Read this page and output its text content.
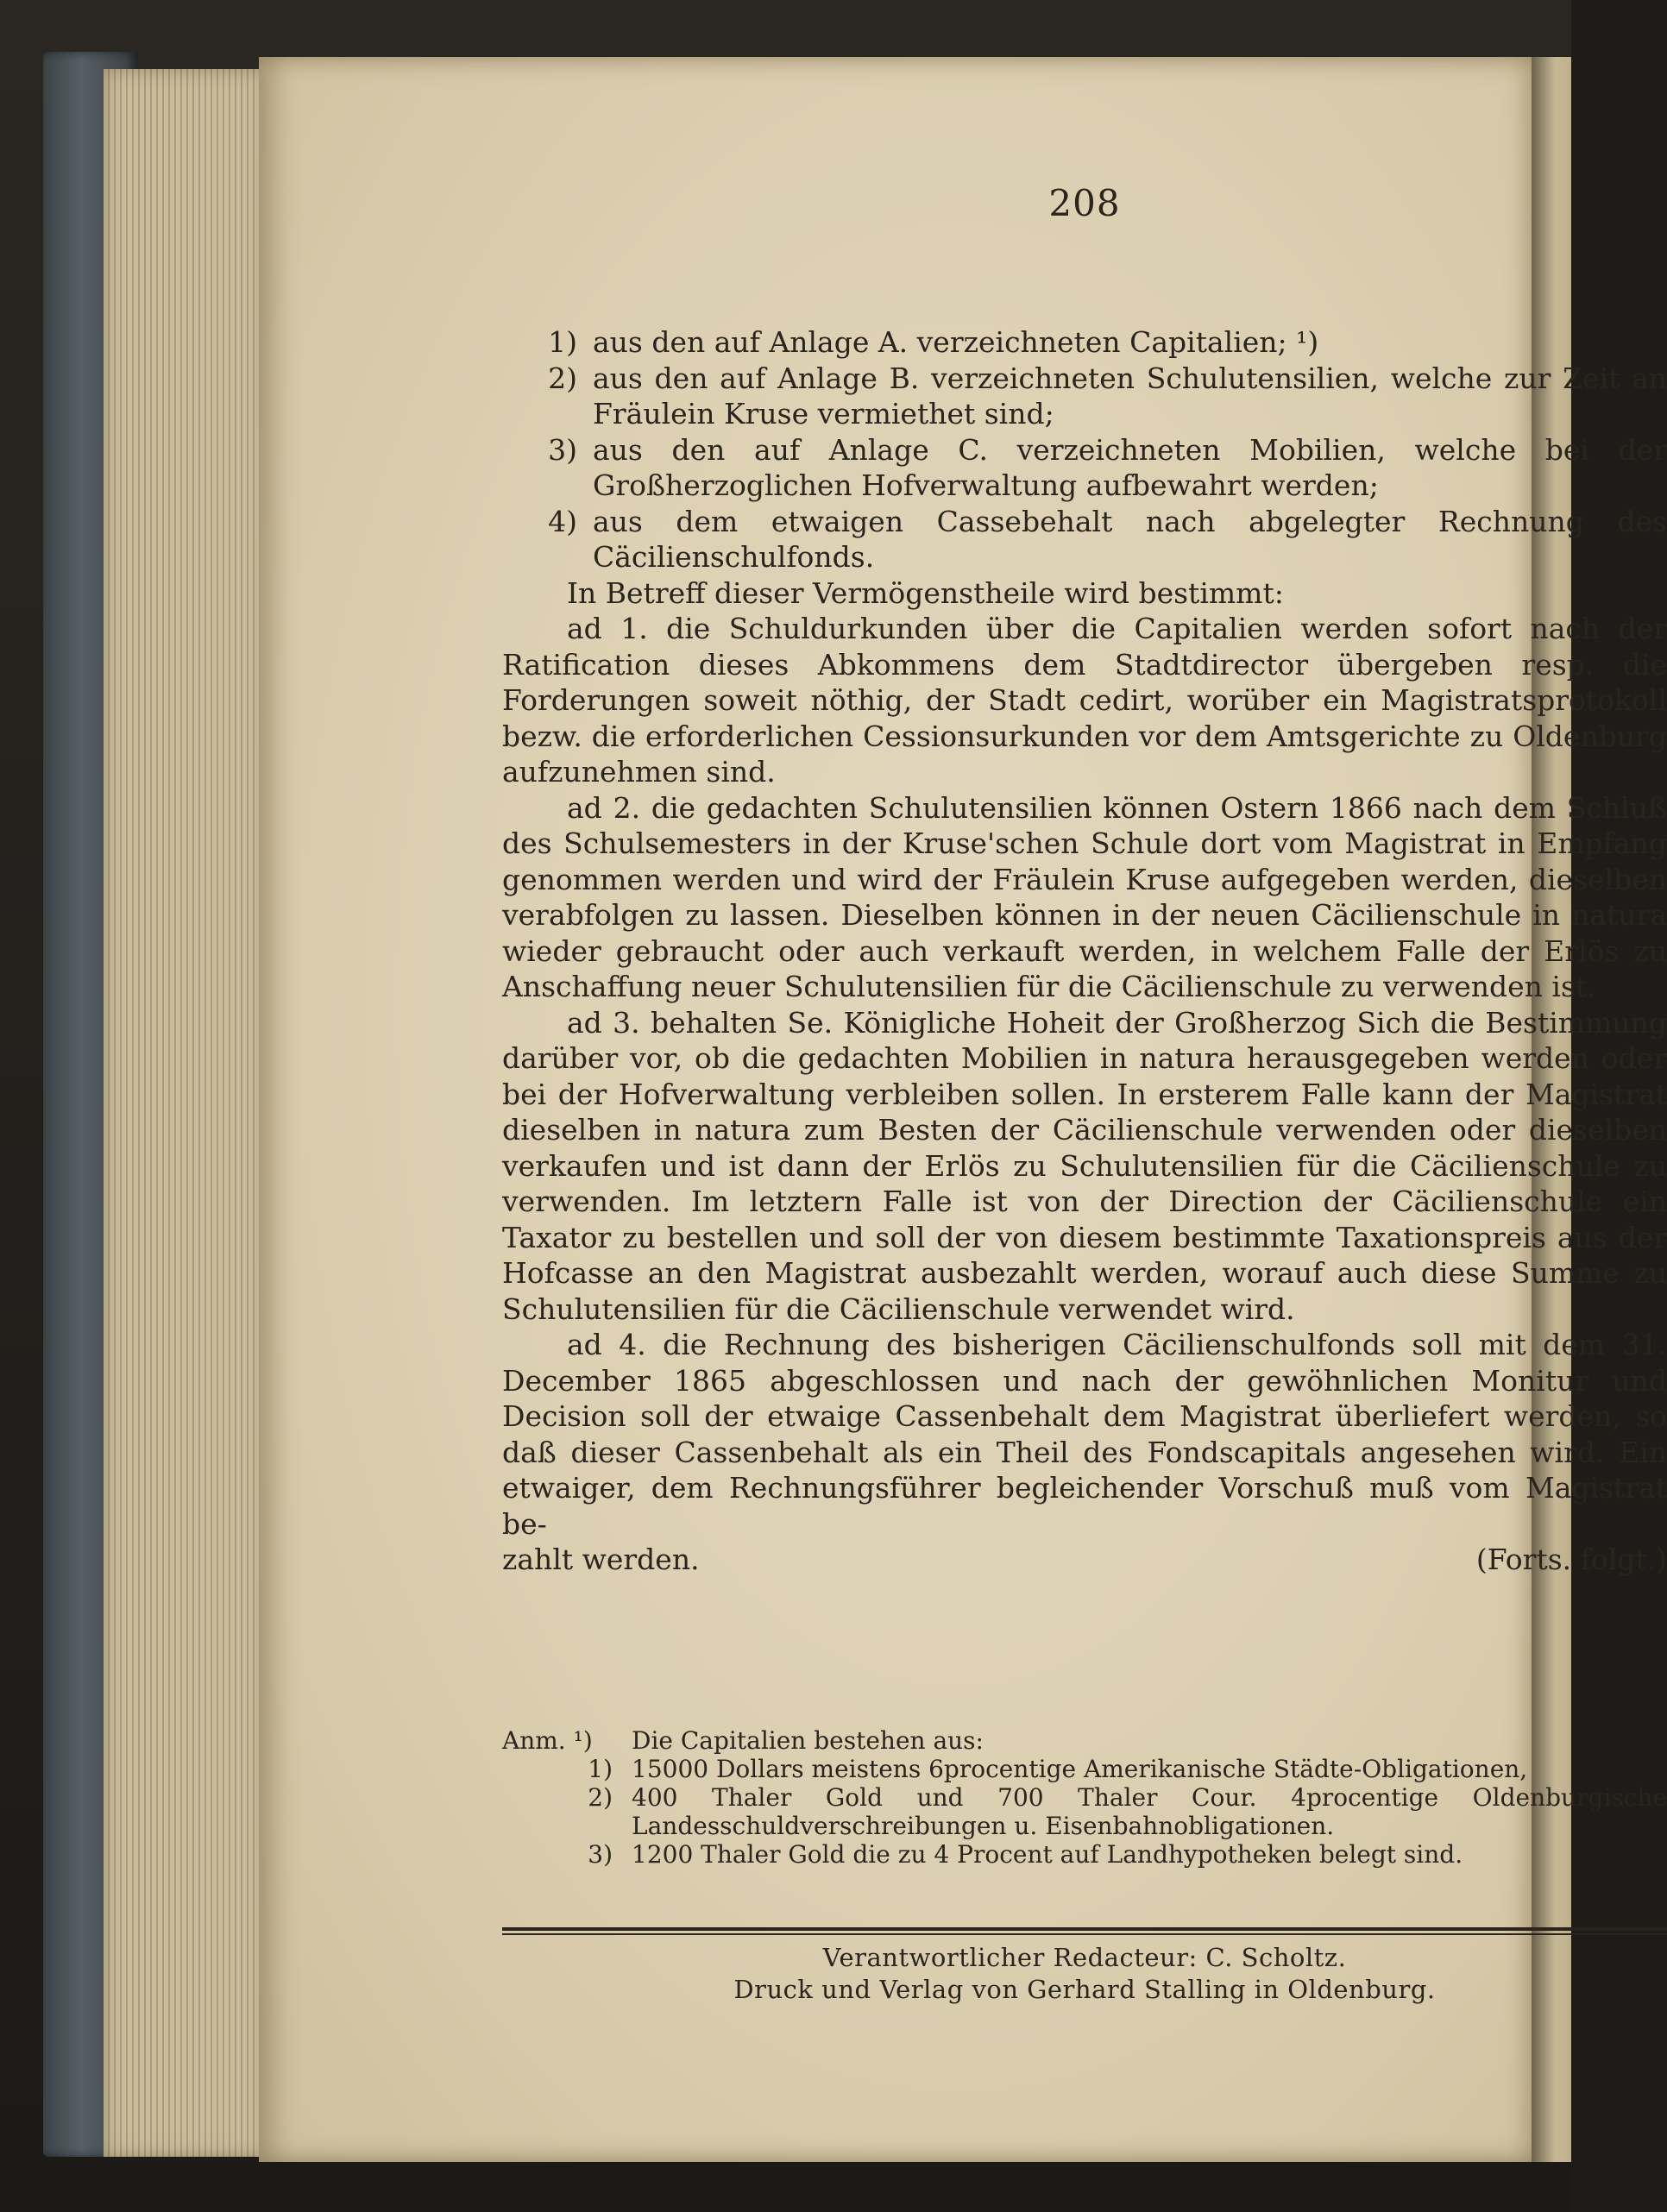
208
1) aus den auf Anlage A. verzeichneten Capitalien; ¹)
2) aus den auf Anlage B. verzeichneten Schulutensilien, welche zur Zeit an Fräulein Kruse vermiethet sind;
3) aus den auf Anlage C. verzeichneten Mobilien, welche bei der Großherzoglichen Hofverwaltung aufbewahrt werden;
4) aus dem etwaigen Cassebehalt nach abgelegter Rechnung des Cäcilienschulfonds.

In Betreff dieser Vermögenstheile wird bestimmt:

ad 1. die Schuldurkunden über die Capitalien werden sofort nach der Ratification dieses Abkommens dem Stadtdirector übergeben resp. die Forderungen soweit nöthig, der Stadt cedirt, worüber ein Magistratsprotokoll bezw. die erforderlichen Cessionsurkunden vor dem Amtsgerichte zu Oldenburg aufzunehmen sind.

ad 2. die gedachten Schulutensilien können Ostern 1866 nach dem Schluß des Schulsemesters in der Kruse'schen Schule dort vom Magistrat in Empfang genommen werden und wird der Fräulein Kruse aufgegeben werden, dieselben verabfolgen zu lassen. Dieselben können in der neuen Cäcilienschule in natura wieder gebraucht oder auch verkauft werden, in welchem Falle der Erlös zu Anschaffung neuer Schulutensilien für die Cäcilienschule zu verwenden ist.

ad 3. behalten Se. Königliche Hoheit der Großherzog Sich die Bestimmung darüber vor, ob die gedachten Mobilien in natura herausgegeben werden oder bei der Hofverwaltung verbleiben sollen. In ersterem Falle kann der Magistrat dieselben in natura zum Besten der Cäcilienschule verwenden oder dieselben verkaufen und ist dann der Erlös zu Schulutensilien für die Cäcilienschule zu verwenden. Im letztern Falle ist von der Direction der Cäcilienschule ein Taxator zu bestellen und soll der von diesem bestimmte Taxationspreis aus der Hofcasse an den Magistrat ausbezahlt werden, worauf auch diese Summe zu Schulutensilien für die Cäcilienschule verwendet wird.

ad 4. die Rechnung des bisherigen Cäcilienschulfonds soll mit dem 31. December 1865 abgeschlossen und nach der gewöhnlichen Monitur und Decision soll der etwaige Cassenbehalt dem Magistrat überliefert werden, so daß dieser Cassenbehalt als ein Theil des Fondscapitals angesehen wird. Ein etwaiger, dem Rechnungsführer begleichender Vorschuß muß vom Magistrat be-

zahlt werden.	(Forts. folgt.)
Anm. ¹)	Die Capitalien bestehen aus:
1) 15000 Dollars meistens 6procentige Amerikanische Städte-Obligationen,
2) 400 Thaler Gold und 700 Thaler Cour. 4procentige Oldenburgische Landesschuldverschreibungen u. Eisenbahnobligationen.
3) 1200 Thaler Gold die zu 4 Procent auf Landhypotheken belegt sind.
Verantwortlicher Redacteur: C. Scholtz.
Druck und Verlag von Gerhard Stalling in Oldenburg.
